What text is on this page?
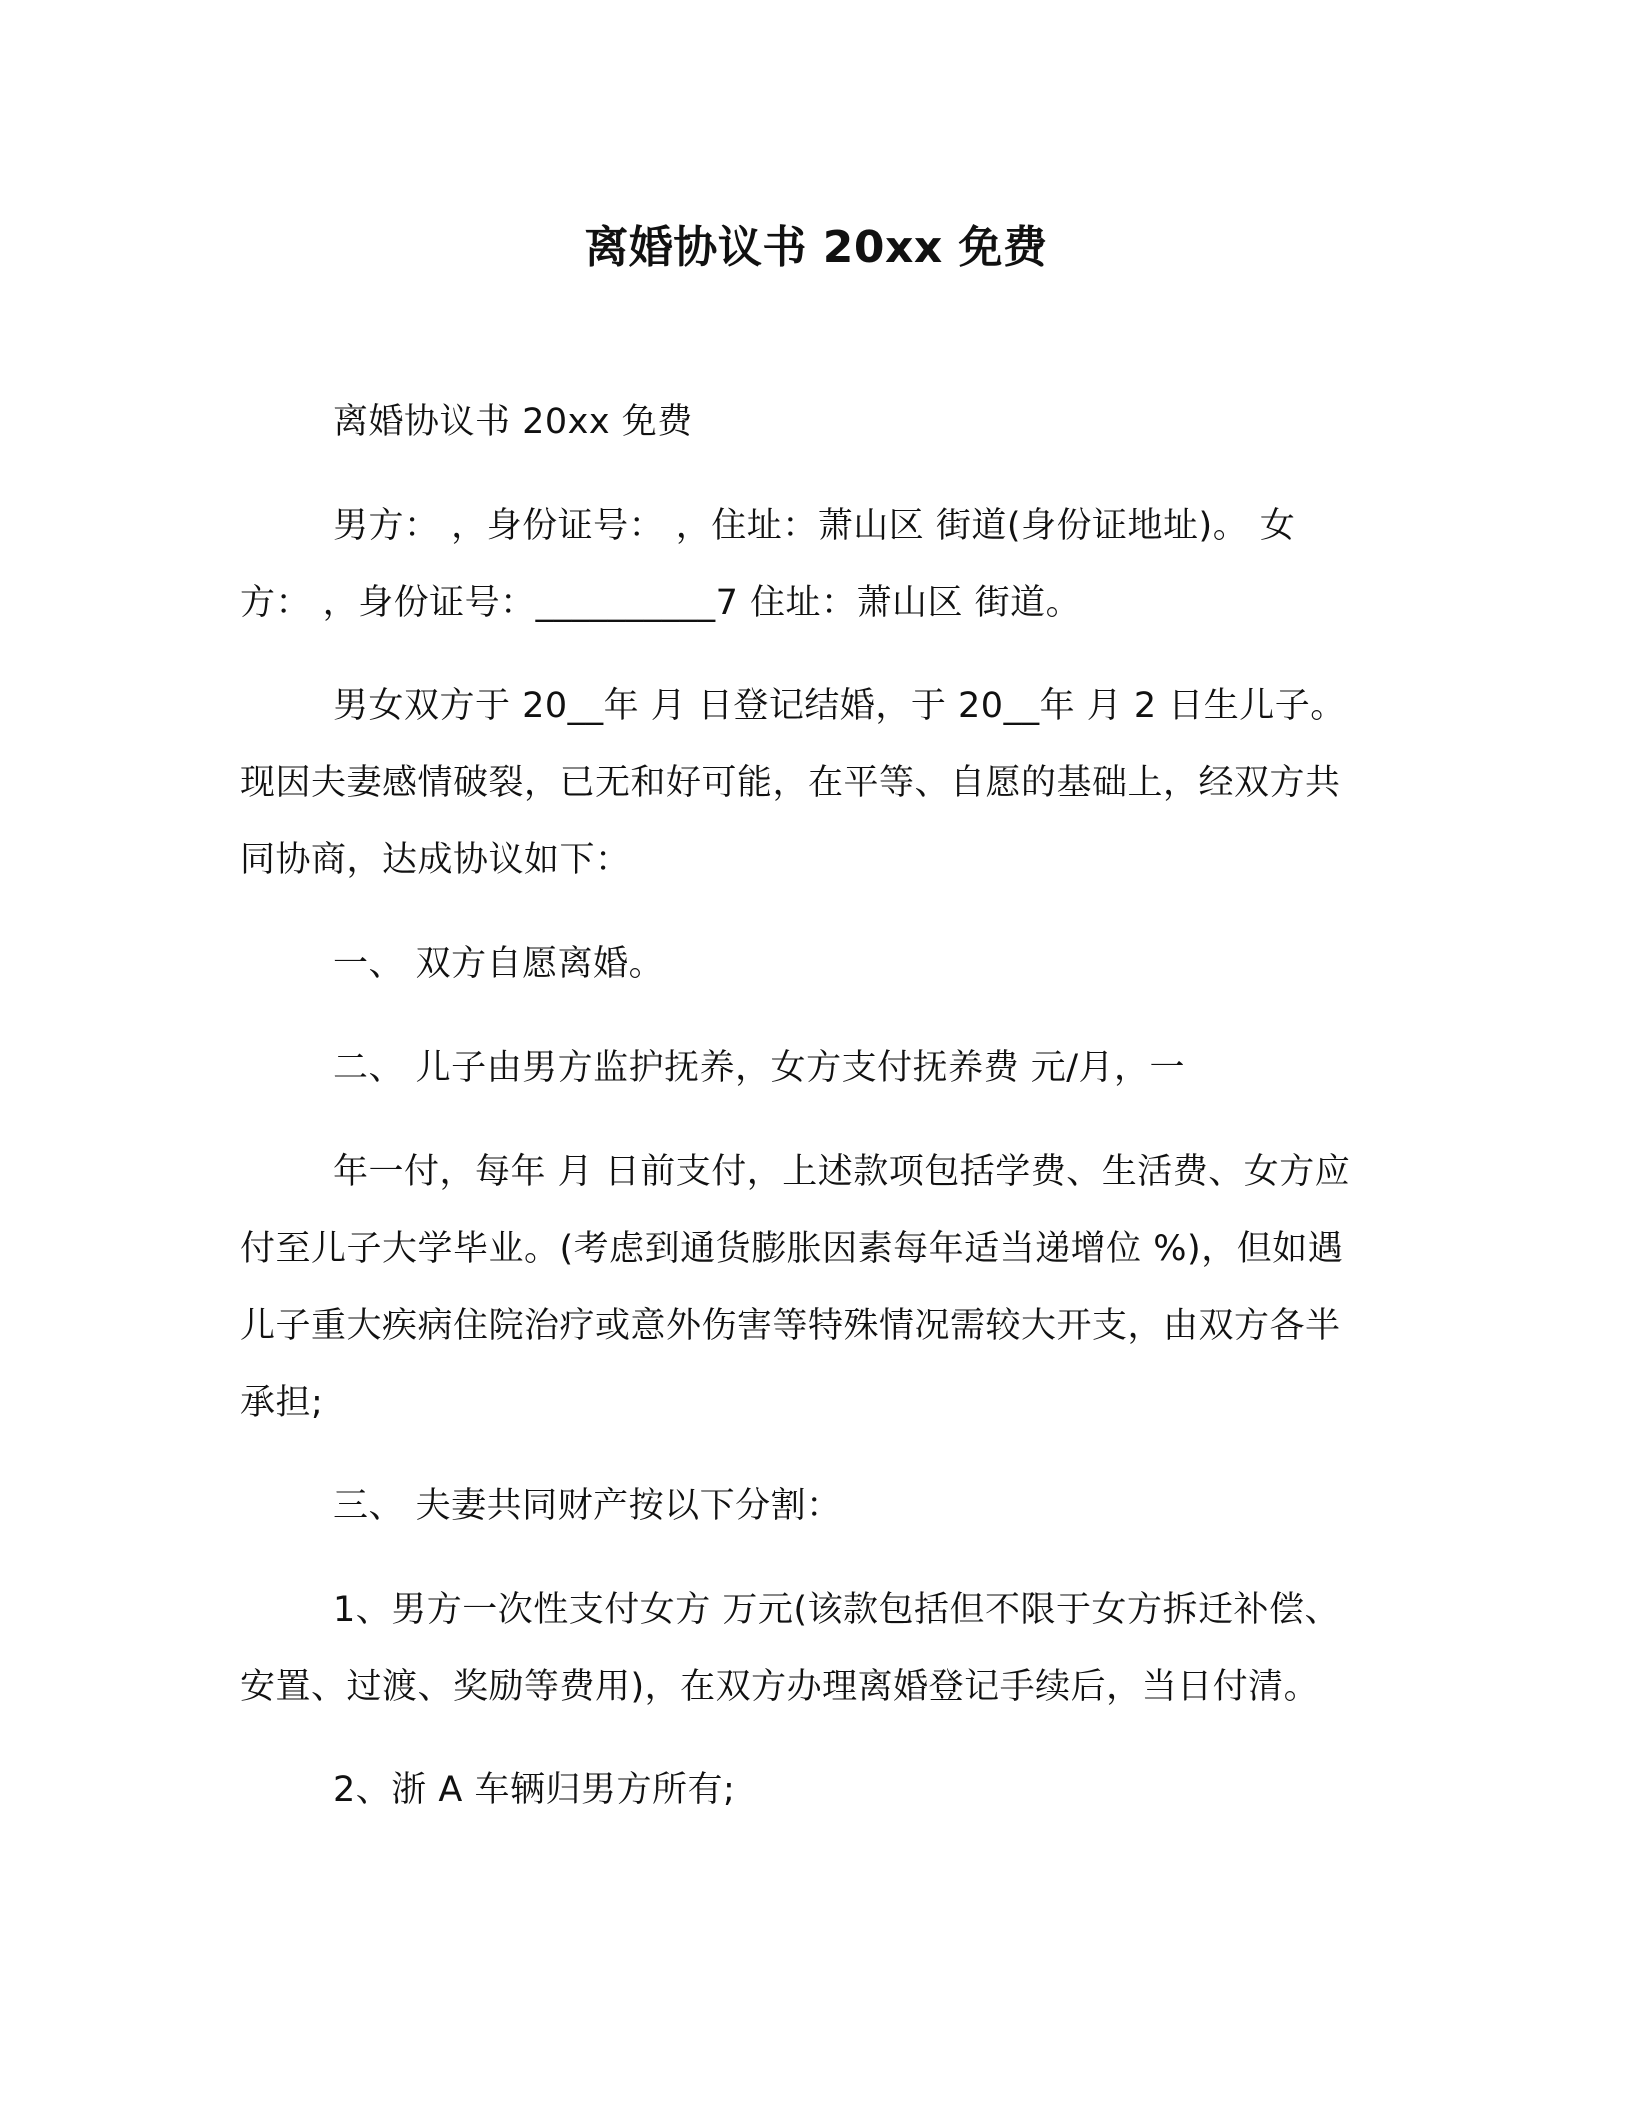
离婚协议书 20xx 免费
离婚协议书 20xx 免费
男方： ，身份证号： ，住址：萧山区 街道(身份证地址)。 女方： ，身份证号：__________7 住址：萧山区 街道。
男女双方于 20__年 月 日登记结婚，于 20__年 月 2 日生儿子。现因夫妻感情破裂，已无和好可能，在平等、自愿的基础上，经双方共同协商，达成协议如下：
一、 双方自愿离婚。
二、 儿子由男方监护抚养，女方支付抚养费 元/月，一
年一付，每年 月 日前支付，上述款项包括学费、生活费、女方应付至儿子大学毕业。(考虑到通货膨胀因素每年适当递增位 %)，但如遇儿子重大疾病住院治疗或意外伤害等特殊情况需较大开支，由双方各半承担;
三、 夫妻共同财产按以下分割：
1、男方一次性支付女方 万元(该款包括但不限于女方拆迁补偿、安置、过渡、奖励等费用)，在双方办理离婚登记手续后，当日付清。
2、浙 A 车辆归男方所有;
